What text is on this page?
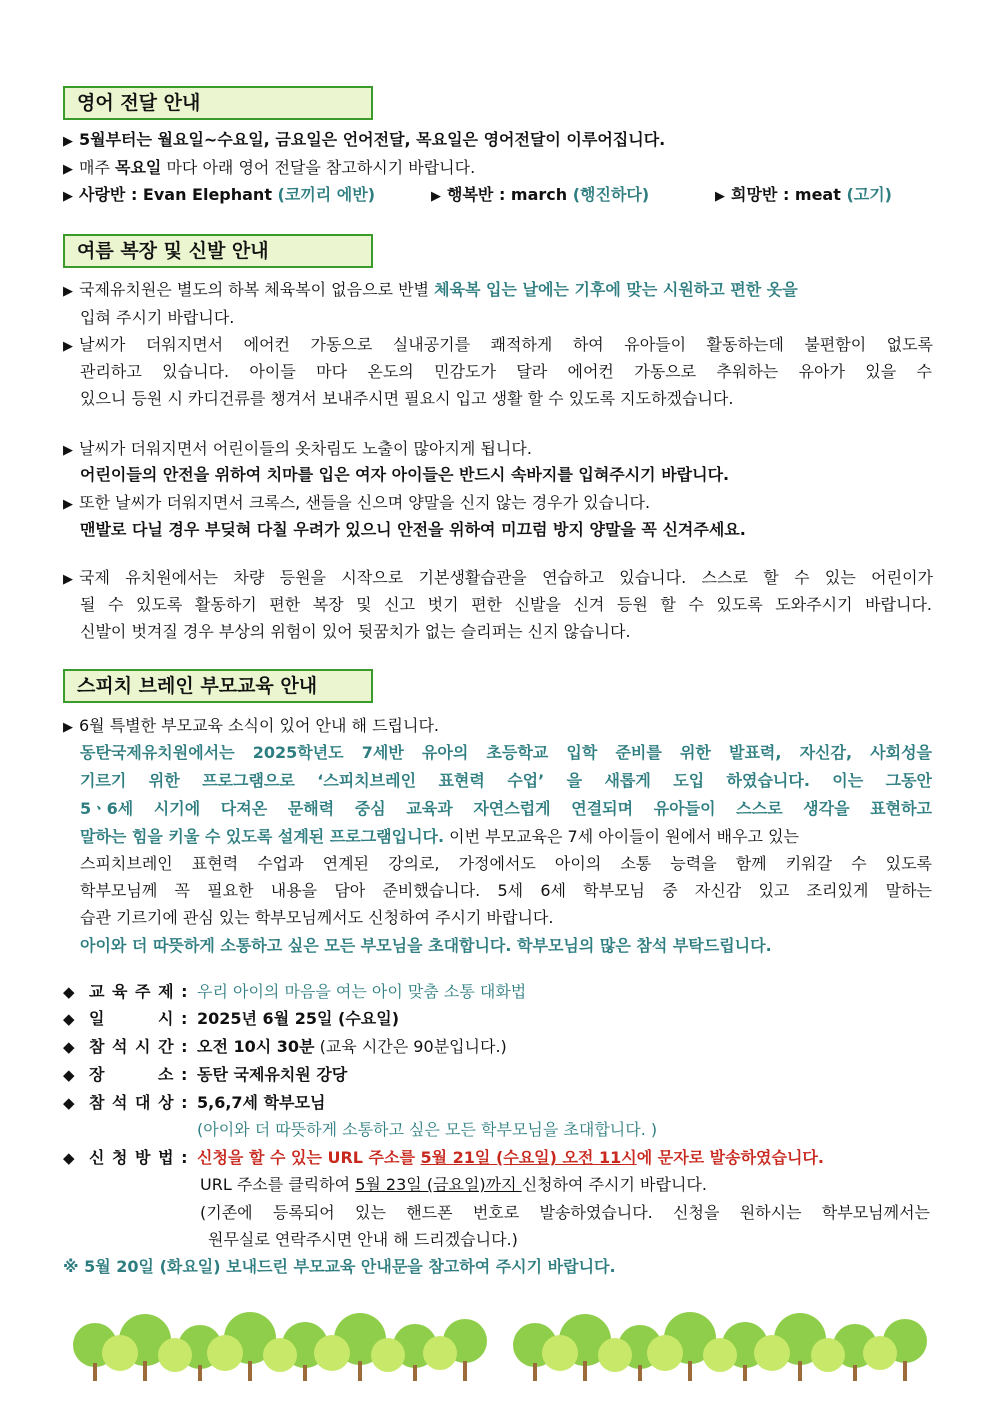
영어 전달 안내
▶ 5월부터는 월요일~수요일, 금요일은 언어전달, 목요일은 영어전달이 이루어집니다.
▶ 매주 목요일 마다 아래 영어 전달을 참고하시기 바랍니다.
▶ 사랑반 : Evan Elephant (코끼리 에반)	▶ 행복반 : march (행진하다)	▶ 희망반 : meat (고기)
여름 복장 및 신발 안내
▶ 국제유치원은 별도의 하복 체육복이 없음으로 반별 체육복 입는 날에는 기후에 맞는 시원하고 편한 옷을
입혀 주시기 바랍니다.
▶ 날씨가 더워지면서 에어컨 가동으로 실내공기를 쾌적하게 하여 유아들이 활동하는데 불편함이 없도록
관리하고 있습니다. 아이들 마다 온도의 민감도가 달라 에어컨 가동으로 추워하는 유아가 있을 수
있으니 등원 시 카디건류를 챙겨서 보내주시면 필요시 입고 생활 할 수 있도록 지도하겠습니다.
▶ 날씨가 더워지면서 어린이들의 옷차림도 노출이 많아지게 됩니다.
어린이들의 안전을 위하여 치마를 입은 여자 아이들은 반드시 속바지를 입혀주시기 바랍니다.
▶ 또한 날씨가 더워지면서 크록스, 샌들을 신으며 양말을 신지 않는 경우가 있습니다.
맨발로 다닐 경우 부딪혀 다칠 우려가 있으니 안전을 위하여 미끄럼 방지 양말을 꼭 신겨주세요.
▶ 국제 유치원에서는 차량 등원을 시작으로 기본생활습관을 연습하고 있습니다. 스스로 할 수 있는 어린이가
될 수 있도록 활동하기 편한 복장 및 신고 벗기 편한 신발을 신겨 등원 할 수 있도록 도와주시기 바랍니다.
신발이 벗겨질 경우 부상의 위험이 있어 뒷꿈치가 없는 슬리퍼는 신지 않습니다.
스피치 브레인 부모교육 안내
▶ 6월 특별한 부모교육 소식이 있어 안내 해 드립니다.
동탄국제유치원에서는 2025학년도 7세반 유아의 초등학교 입학 준비를 위한 발표력, 자신감, 사회성을
기르기 위한 프로그램으로 ‘스피치브레인 표현력 수업’ 을 새롭게 도입 하였습니다. 이는 그동안
5ㆍ6세 시기에 다져온 문해력 중심 교육과 자연스럽게 연결되며 유아들이 스스로 생각을 표현하고
말하는 힘을 키울 수 있도록 설계된 프로그램입니다. 이번 부모교육은 7세 아이들이 원에서 배우고 있는
스피치브레인 표현력 수업과 연계된 강의로, 가정에서도 아이의 소통 능력을 함께 키워갈 수 있도록
학부모님께 꼭 필요한 내용을 담아 준비했습니다. 5세 6세 학부모님 중 자신감 있고 조리있게 말하는
습관 기르기에 관심 있는 학부모님께서도 신청하여 주시기 바랍니다.
아이와 더 따뜻하게 소통하고 싶은 모든 부모님을 초대합니다. 학부모님의 많은 참석 부탁드립니다.
◆ 교 육 주 제 : 우리 아이의 마음을 여는 아이 맞춤 소통 대화법
◆ 일        시 : 2025년 6월 25일 (수요일)
◆ 참 석 시 간 : 오전 10시 30분 (교육 시간은 90분입니다.)
◆ 장        소 : 동탄 국제유치원 강당
◆ 참 석 대 상 : 5,6,7세 학부모님
(아이와 더 따뜻하게 소통하고 싶은 모든 학부모님을 초대합니다. )
◆ 신 청 방 법 : 신청을 할 수 있는 URL 주소를 5월 21일 (수요일) 오전 11시에 문자로 발송하였습니다.
URL 주소를 클릭하여 5월 23일 (금요일)까지 신청하여 주시기 바랍니다.
(기존에 등록되어 있는 핸드폰 번호로 발송하였습니다. 신청을 원하시는 학부모님께서는
원무실로 연락주시면 안내 해 드리겠습니다.)
※ 5월 20일 (화요일) 보내드린 부모교육 안내문을 참고하여 주시기 바랍니다.
